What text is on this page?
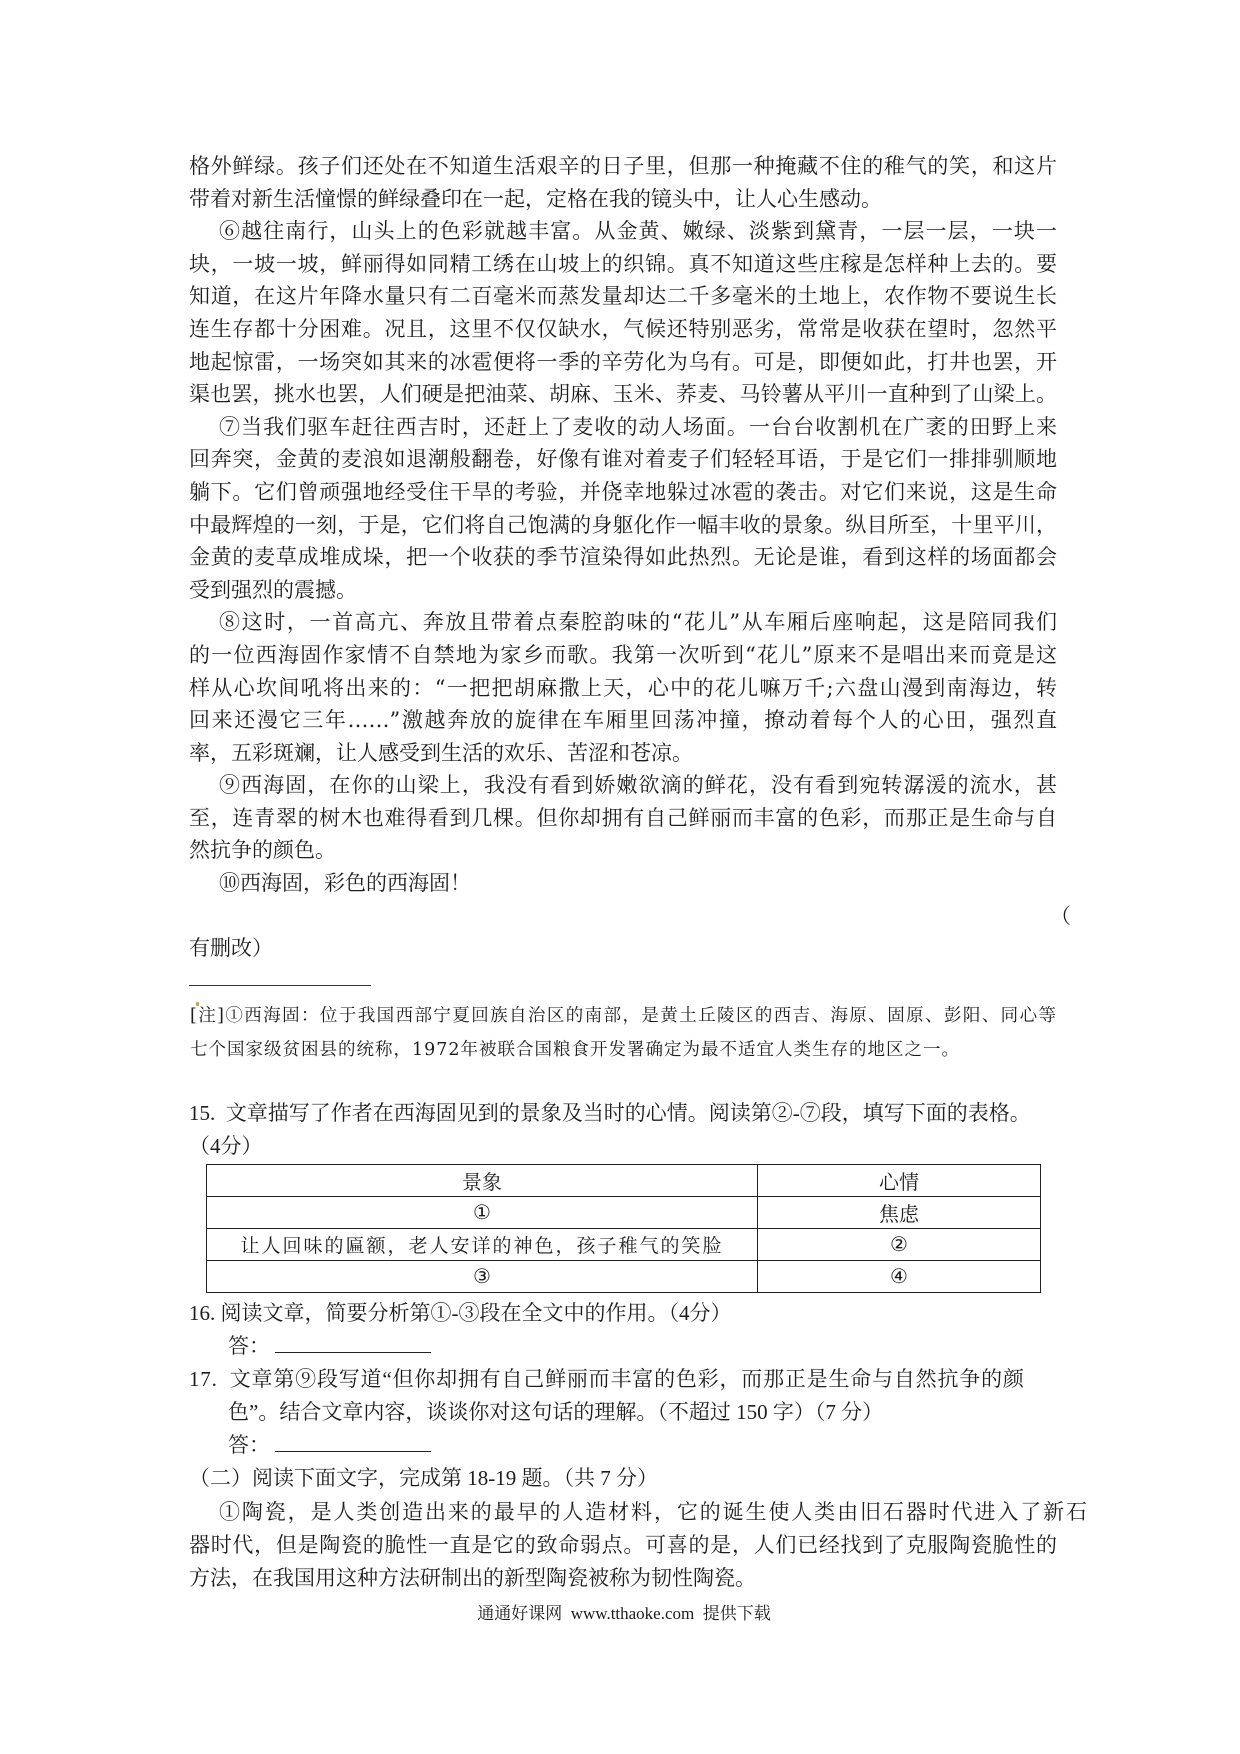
格外鲜绿。孩子们还处在不知道生活艰辛的日子里，但那一种掩藏不住的稚气的笑，和这片
带着对新生活憧憬的鲜绿叠印在一起，定格在我的镜头中，让人心生感动。
⑥越往南行，山头上的色彩就越丰富。从金黄、嫩绿、淡紫到黛青，一层一层，一块一
块，一坡一坡，鲜丽得如同精工绣在山坡上的织锦。真不知道这些庄稼是怎样种上去的。要
知道，在这片年降水量只有二百毫米而蒸发量却达二千多毫米的土地上，农作物不要说生长
连生存都十分困难。况且，这里不仅仅缺水，气候还特别恶劣，常常是收获在望时，忽然平
地起惊雷，一场突如其来的冰雹便将一季的辛劳化为乌有。可是，即便如此，打井也罢，开
渠也罢，挑水也罢，人们硬是把油菜、胡麻、玉米、荞麦、马铃薯从平川一直种到了山梁上。
⑦当我们驱车赶往西吉时，还赶上了麦收的动人场面。一台台收割机在广袤的田野上来
回奔突，金黄的麦浪如退潮般翻卷，好像有谁对着麦子们轻轻耳语，于是它们一排排驯顺地
躺下。它们曾顽强地经受住干旱的考验，并侥幸地躲过冰雹的袭击。对它们来说，这是生命
中最辉煌的一刻，于是，它们将自己饱满的身躯化作一幅丰收的景象。纵目所至，十里平川，
金黄的麦草成堆成垛，把一个收获的季节渲染得如此热烈。无论是谁，看到这样的场面都会
受到强烈的震撼。
⑧这时，一首高亢、奔放且带着点秦腔韵味的“花儿”从车厢后座响起，这是陪同我们
的一位西海固作家情不自禁地为家乡而歌。我第一次听到“花儿”原来不是唱出来而竟是这
样从心坎间吼将出来的：“一把把胡麻撒上天，心中的花儿嘛万千;六盘山漫到南海边，转
回来还漫它三年……”激越奔放的旋律在车厢里回荡冲撞，撩动着每个人的心田，强烈直
率，五彩斑斓，让人感受到生活的欢乐、苦涩和苍凉。
⑨西海固，在你的山梁上，我没有看到娇嫩欲滴的鲜花，没有看到宛转潺湲的流水，甚
至，连青翠的树木也难得看到几棵。但你却拥有自己鲜丽而丰富的色彩，而那正是生命与自
然抗争的颜色。
⑩西海固，彩色的西海固！
（
有删改）
[注]①西海固：位于我国西部宁夏回族自治区的南部，是黄土丘陵区的西吉、海原、固原、彭阳、同心等
七个国家级贫困县的统称，1972年被联合国粮食开发署确定为最不适宜人类生存的地区之一。
15.  文章描写了作者在西海固见到的景象及当时的心情。阅读第②-⑦段，填写下面的表格。
（4分）
景象	心情
①	焦虑
让人回味的匾额，老人安详的神色，孩子稚气的笑脸	②
③	④
16. 阅读文章，简要分析第①-③段在全文中的作用。（4分）
答：
17.  文章第⑨段写道“但你却拥有自己鲜丽而丰富的色彩，而那正是生命与自然抗争的颜
色”。结合文章内容，谈谈你对这句话的理解。（不超过 150 字）（7 分）
答：
（二）阅读下面文字，完成第 18-19 题。（共 7 分）
①陶瓷，是人类创造出来的最早的人造材料，它的诞生使人类由旧石器时代进入了新石
器时代，但是陶瓷的脆性一直是它的致命弱点。可喜的是，人们已经找到了克服陶瓷脆性的
方法，在我国用这种方法研制出的新型陶瓷被称为韧性陶瓷。
通通好课网  www.tthaoke.com  提供下载
